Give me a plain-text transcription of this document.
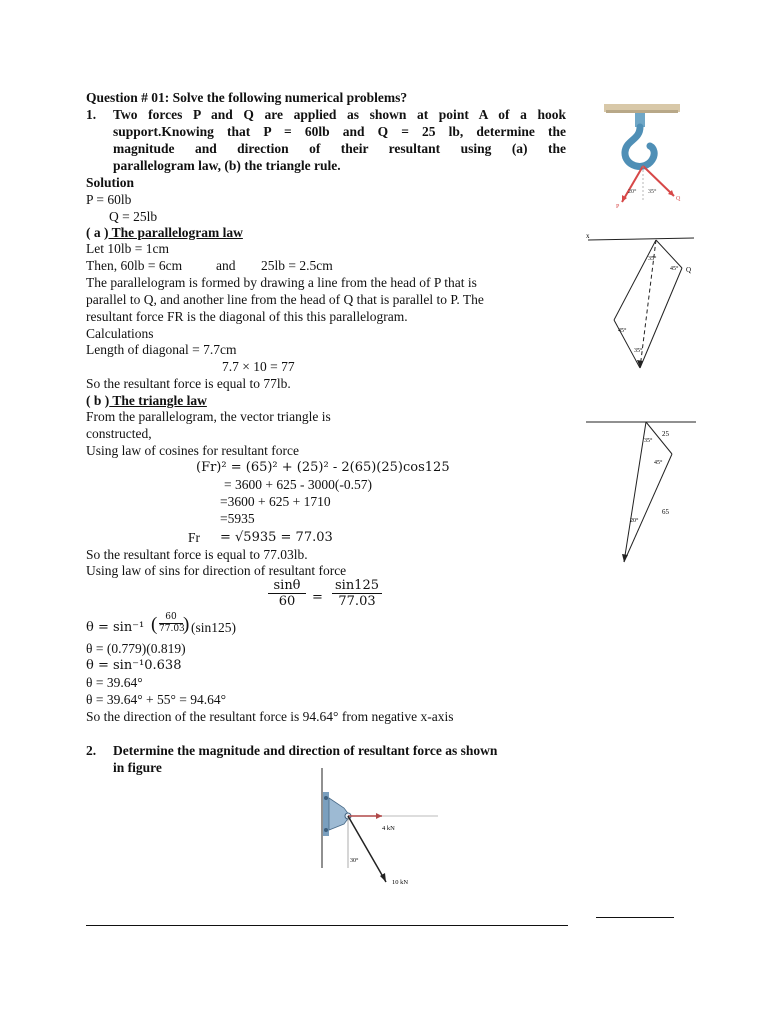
Question # 01: Solve the following numerical problems?
1. Two forces P and Q are applied as shown at point A of a hook
support.Knowing that P = 60lb and Q = 25 lb, determine the
magnitude and direction of their resultant using (a) the
parallelogram law, (b) the triangle rule.
Solution
P = 60lb
Q = 25lb
( a ) The parallelogram law
Let 10lb = 1cm
Then, 60lb = 6cm	and 25lb = 2.5cm
The parallelogram is formed by drawing a line from the head of P that is
parallel to Q, and another line from the head of Q that is parallel to P. The
resultant force FR is the diagonal of this this parallelogram.
Calculations
Length of diagonal = 7.7cm
7.7 × 10 = 77
So the resultant force is equal to 77lb.
( b ) The triangle law
From the parallelogram, the vector triangle is
constructed,
Using law of cosines for resultant force
(Fr)² = (65)² + (25)² - 2(65)(25)cos125
= 3600 + 625 - 3000(-0.57)
=3600 + 625 + 1710
=5935
Fr = √5935 = 77.03
So the resultant force is equal to 77.03lb.
Using law of sins for direction of resultant force
$\frac{\sin\theta}{60} = \frac{\sin 125}{77.03}$
θ = sin⁻¹ ( $\frac{60}{77.03}$ ) (sin125)
θ = (0.779)(0.819)
θ = sin⁻¹0.638
θ = 39.64°
θ = 39.64° + 55° = 94.64°
So the direction of the resultant force is 94.64° from negative x-axis
2. Determine the magnitude and direction of resultant force as shown
in figure
20° 35°
P
Q
x
35°
45°
45°
35°
Q
35°
45°
20°
25
65
4 kN
10 kN
30°
